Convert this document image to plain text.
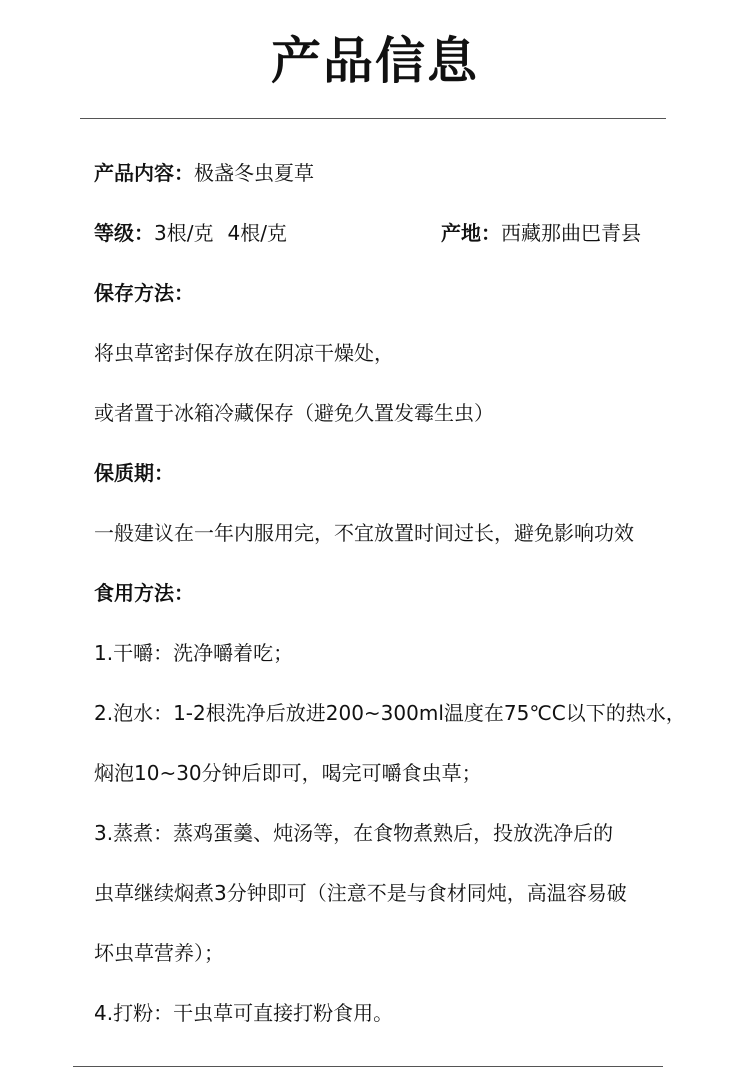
产品信息
产品内容：极盏冬虫夏草
等级：3根/克 4根/克	产地：西藏那曲巴青县
保存方法：
将虫草密封保存放在阴凉干燥处，
或者置于冰箱冷藏保存（避免久置发霉生虫）
保质期：
一般建议在一年内服用完，不宜放置时间过长，避免影响功效
食用方法：
1.干嚼：洗净嚼着吃；
2.泡水：1-2根洗净后放进200~300ml温度在75℃C以下的热水，
焖泡10~30分钟后即可，喝完可嚼食虫草；
3.蒸煮：蒸鸡蛋羹、炖汤等，在食物煮熟后，投放洗净后的
虫草继续焖煮3分钟即可（注意不是与食材同炖，高温容易破
坏虫草营养）；
4.打粉：干虫草可直接打粉食用。
